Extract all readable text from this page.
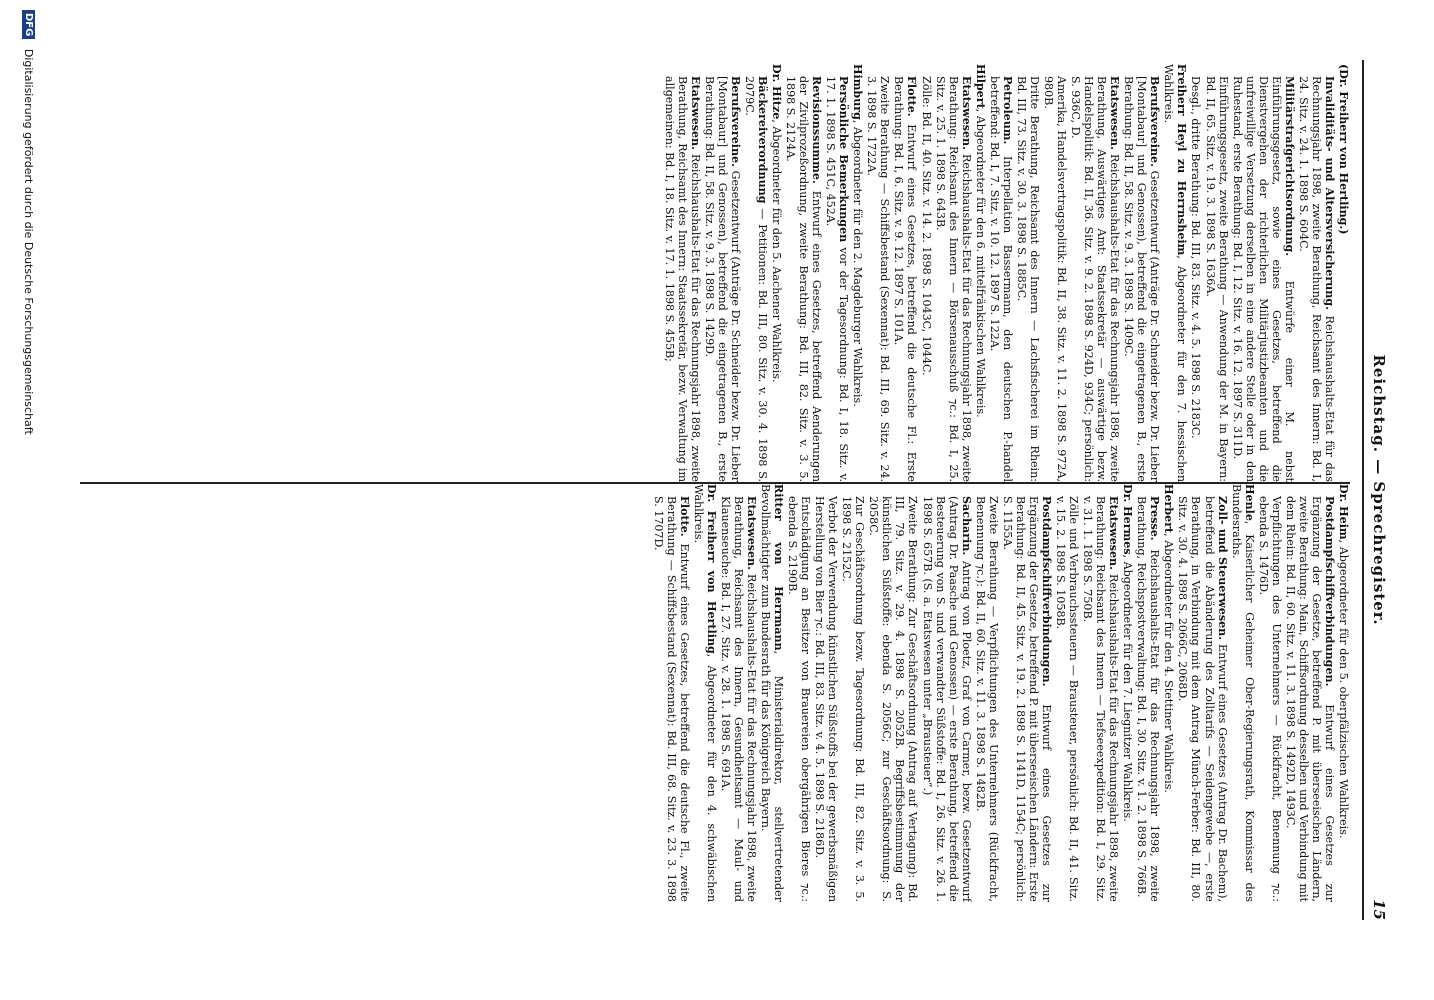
Reichstag. — Sprechregister.
15
Dr. Heim, Abgeordneter für den 5. oberpfälzischen Wahlkreis.
Postdampfschiffverbindungen. Entwurf eines Gesetzes zur Ergänzung der Gesetze, betreffend P. mit überseeischen Ländern, zweite Berathung: Main, Schiffsordnung desselben und Verbindung mit dem Rhein: Bd. II, 60. Sitz. v. 11. 3. 1898 S. 1492D, 1493C.
Verpflichtungen des Unternehmers — Rückfracht, Benennung ⁊c.: ebenda S. 1476D.
Henle, Kaiserlicher Geheimer Ober-Regierungsrath, Kommissar des Bundesraths.
Zoll- und Steuerwesen. Entwurf eines Gesetzes (Antrag Dr. Bachem), betreffend die Abänderung des Zolltarifs — Seidengewebe —, erste Berathung, in Verbindung mit dem Antrag Münch-Ferber: Bd. III, 80. Sitz. v. 30. 4. 1898 S. 2066C, 2068D.
Herbert, Abgeordneter für den 4. Stettiner Wahlkreis.
Presse. Reichshaushalts-Etat für das Rechnungsjahr 1898, zweite Berathung, Reichspostverwaltung: Bd. I, 30. Sitz. v. 1. 2. 1898 S. 766B.
Dr. Hermes, Abgeordneter für den 7. Liegnitzer Wahlkreis.
Etatswesen. Reichshaushalts-Etat für das Rechnungsjahr 1898, zweite Berathung: Reichsamt des Innern — Tiefseeexpedition: Bd. I, 29. Sitz. v. 31. 1. 1898 S. 750B.
Zölle und Verbrauchssteuern — Brausteuer, persönlich: Bd. II, 41. Sitz. v. 15. 2. 1898 S. 1058B.
Postdampfschiffverbindungen. Entwurf eines Gesetzes zur Ergänzung der Gesetze, betreffend P. mit überseeischen Ländern: Erste Berathung: Bd. II, 45. Sitz. v. 19. 2. 1898 S. 1141D, 1154C; persönlich: S. 1155A.
Zweite Berathung — Verpflichtungen des Unternehmers (Rückfracht, Benennung ⁊c.): Bd. II, 60. Sitz. v. 11. 3. 1898 S. 1482B.
Sacharin. Antrag von Ploetz, Graf von Carmer, bezw. Gesetzentwurf (Antrag Dr. Paasche und Genossen) — erste Berathung, betreffend die Besteuerung von S. und verwandter Süßstoffe: Bd. I, 26. Sitz. v. 26. 1. 1898 S. 657B. (S. a. Etatswesen unter „Brausteuer“.)
Zweite Berathung: Zur Geschäftsordnung (Antrag auf Vertagung): Bd. III, 79. Sitz. v. 29. 4. 1898 S. 2052B. Begriffsbestimmung der künstlichen Süßstoffe: ebenda S. 2056C; zur Geschäftsordnung: S. 2058C.
Zur Geschäftsordnung bezw. Tagesordnung: Bd. III, 82. Sitz. v. 3. 5. 1898 S. 2152C.
Verbot der Verwendung künstlichen Süßstoffs bei der gewerbsmäßigen Herstellung von Bier ⁊c.: Bd. III, 83. Sitz. v. 4. 5. 1898 S. 2186D.
Entschädigung an Besitzer von Brauereien obergährigen Bieres ⁊c.: ebenda S. 2190B.
Ritter von Herrmann, Ministerialdirektor, stellvertretender Bevollmächtigter zum Bundesrath für das Königreich Bayern.
Etatswesen. Reichshaushalts-Etat für das Rechnungsjahr 1898, zweite Berathung, Reichsamt des Innern, Gesundheitsamt — Maul- und Klauenseuche: Bd. I, 27. Sitz. v. 28. 1. 1898 S. 691A.
Dr. Freiherr von Hertling, Abgeordneter für den 4. schwäbischen Wahlkreis.
Flotte. Entwurf eines Gesetzes, betreffend die deutsche Fl., zweite Berathung — Schiffsbestand (Sexennat): Bd. III, 68. Sitz. v. 23. 3. 1898 S. 1707D.
(Dr. Freiherr von Hertling.)
Invaliditäts- und Altersversicherung. Reichshaushalts-Etat für das Rechnungsjahr 1898, zweite Berathung, Reichsamt des Innern: Bd. I, 24. Sitz. v. 24. 1. 1898 S. 604C.
Militärstrafgerichtsordnung. Entwürfe einer M. nebst Einführungsgesetz, sowie eines Gesetzes, betreffend die Dienstvergehen der richterlichen Militärjustizbeamten und die unfreiwillige Versetzung derselben in eine andere Stelle oder in den Ruhestand, erste Berathung: Bd. I, 12. Sitz. v. 16. 12. 1897 S. 311D.
Einführungsgesetz, zweite Berathung — Anwendung der M. in Bayern: Bd. II, 65. Sitz. v. 19. 3. 1898 S. 1636A.
Desgl., dritte Berathung: Bd. III, 83. Sitz. v. 4. 5. 1898 S. 2183C.
Freiherr Heyl zu Herrnsheim, Abgeordneter für den 7. hessischen Wahlkreis.
Berufsvereine. Gesetzentwurf (Anträge Dr. Schneider bezw. Dr. Lieber [Montabaur] und Genossen), betreffend die eingetragenen B., erste Berathung: Bd. II, 58. Sitz. v. 9. 3. 1898 S. 1409C.
Etatswesen. Reichshaushalts-Etat für das Rechnungsjahr 1898, zweite Berathung, Auswärtiges Amt: Staatssekretär — auswärtige bezw. Handelspolitik: Bd. II, 36. Sitz. v. 9. 2. 1898 S. 924D, 934C; persönlich: S. 936C, D.
Amerika, Handelsvertragspolitik: Bd. II, 38. Sitz. v. 11. 2. 1898 S. 972A, 980B.
Dritte Berathung, Reichsamt des Innern — Lachsfischerei im Rhein: Bd. III, 73. Sitz. v. 30. 3. 1898 S. 1885C.
Petroleum. Interpellation Bassermann, den deutschen P.-handel betreffend: Bd. I, 7. Sitz. v. 10. 12. 1897 S. 122A.
Hilpert, Abgeordneter für den 6. mittelfränkischen Wahlkreis.
Etatswesen. Reichshaushalts-Etat für das Rechnungsjahr 1898, zweite Berathung: Reichsamt des Innern — Börsenausschuß ⁊c.: Bd. I, 25. Sitz. v. 25. 1. 1898 S. 643B.
Zölle: Bd. II, 40. Sitz. v. 14. 2. 1898 S. 1043C, 1044C.
Flotte. Entwurf eines Gesetzes, betreffend die deutsche Fl.: Erste Berathung: Bd. I, 6. Sitz. v. 9. 12. 1897 S. 101A.
Zweite Berathung — Schiffsbestand (Sexennat): Bd. III, 69. Sitz. v. 24. 3. 1898 S. 1722A.
Himburg, Abgeordneter für den 2. Magdeburger Wahlkreis.
Persönliche Bemerkungen vor der Tagesordnung: Bd. I, 18. Sitz. v. 17. 1. 1898 S. 451C, 452A.
Revisionssumme. Entwurf eines Gesetzes, betreffend Aenderungen der Zivilprozeßordnung, zweite Berathung: Bd. III, 82. Sitz. v. 3. 5. 1898 S. 2124A.
Dr. Hitze, Abgeordneter für den 5. Aachener Wahlkreis.
Bäckereiverordnung — Petitionen: Bd. III, 80. Sitz. v. 30. 4. 1898 S. 2079C.
Berufsvereine. Gesetzentwurf (Anträge Dr. Schneider bezw. Dr. Lieber [Montabaur] und Genossen), betreffend die eingetragenen B., erste Berathung: Bd. II, 58. Sitz. v. 9. 3. 1898 S. 1429D.
Etatswesen. Reichshaushalts-Etat für das Rechnungsjahr 1898, zweite Berathung, Reichsamt des Innern: Staatssekretär, bezw. Verwaltung im allgemeinen: Bd. I, 18. Sitz. v. 17. 1. 1898 S. 455B;
DFG Digitalisierung gefördert durch die Deutsche Forschungsgemeinschaft
